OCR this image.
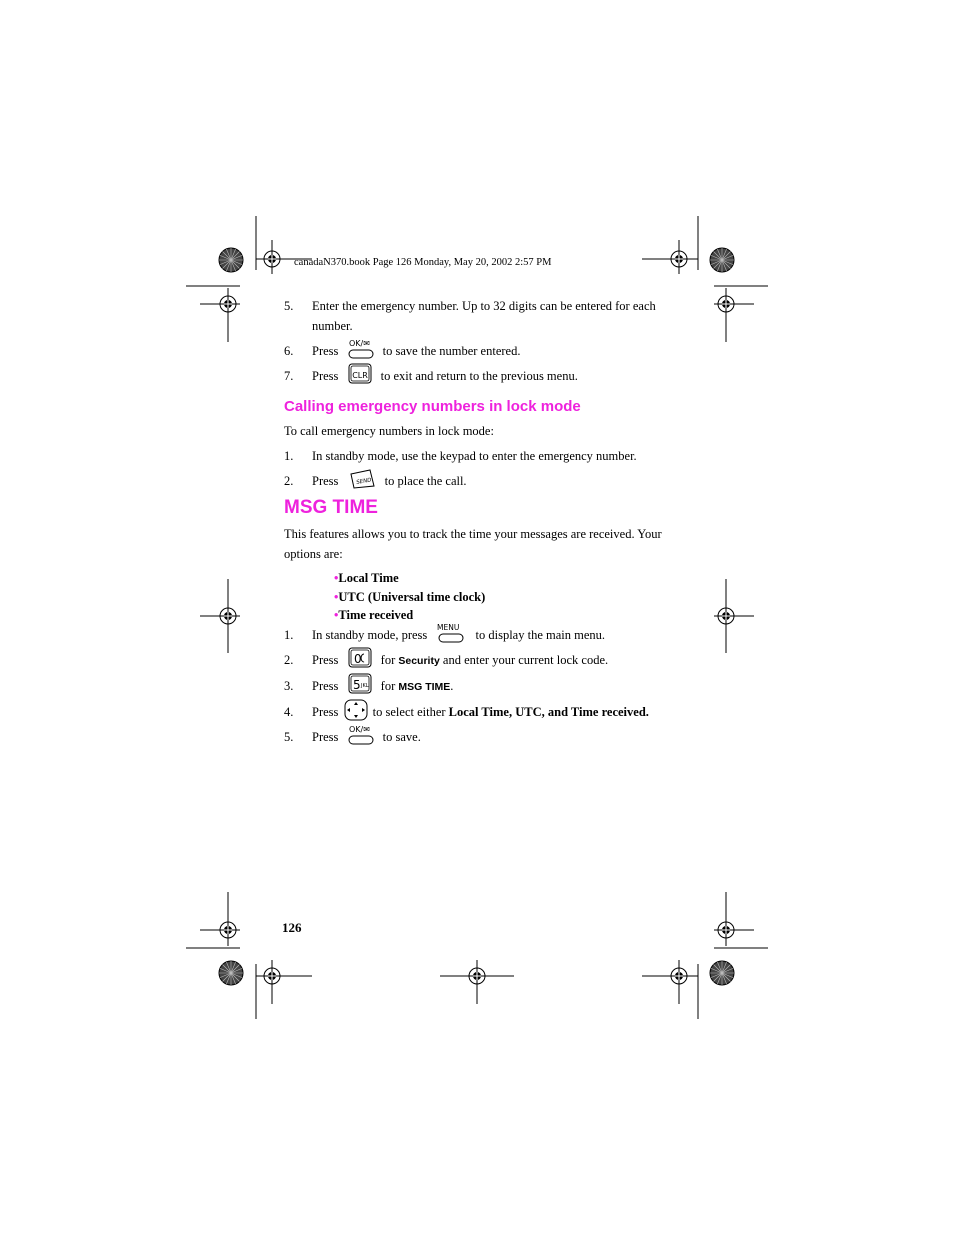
canadaN370.book Page 126 Monday, May 20, 2002 2:57 PM
5. Enter the emergency number. Up to 32 digits can be entered for each number.
6. Press
OK/✉
to save the number entered.
7. Press CLR to exit and return to the previous menu.
Calling emergency numbers in lock mode
To call emergency numbers in lock mode:
1. In standby mode, use the keypad to enter the emergency number.
2. Press	SEND to place the call.
MSG TIME
This features allows you to track the time your messages are received. Your options are:
•Local Time
•UTC (Universal time clock)
•Time received
1. In standby mode, press
MENU
to display the main menu.
2. Press 0 for Security and enter your current lock code.
3. Press 5 JKL for MSG TIME.
4. Press	to select either Local Time, UTC, and Time received.
5. Press
OK/✉
to save.
126
